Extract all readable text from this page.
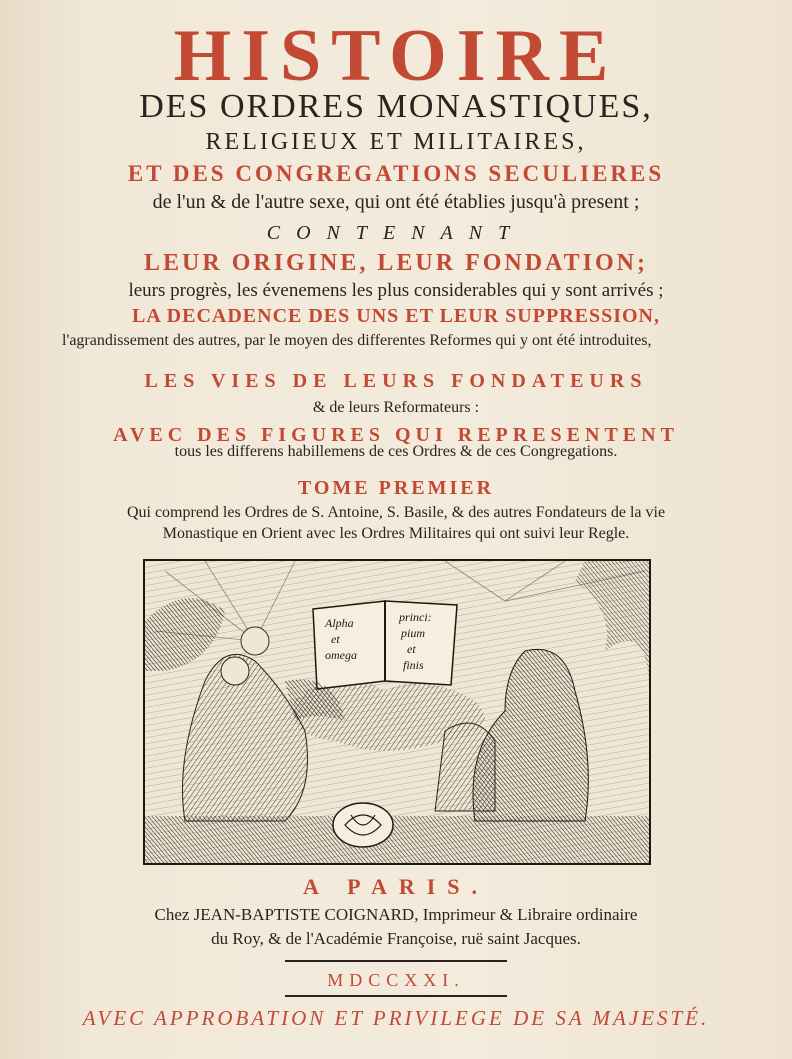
HISTOIRE
DES ORDRES MONASTIQUES,
RELIGIEUX ET MILITAIRES,
ET DES CONGREGATIONS SECULIERES
de l'un & de l'autre sexe, qui ont été établies jusqu'à present ;
CONTENANT
LEUR ORIGINE, LEUR FONDATION;
leurs progrès, les évenemens les plus considerables qui y sont arrivés ;
LA DECADENCE DES UNS ET LEUR SUPPRESSION,
l'agrandissement des autres, par le moyen des differentes Reformes qui y ont été introduites,
LES VIES DE LEURS FONDATEURS
& de leurs Reformateurs :
AVEC DES FIGURES QUI REPRESENTENT
tous les differens habillemens de ces Ordres & de ces Congregations.
TOME PREMIER
Qui comprend les Ordres de S. Antoine, S. Basile, & des autres Fondateurs de la vie
Monastique en Orient avec les Ordres Militaires qui ont suivi leur Regle.
Alpha
et
omega
princi:
pium
et
finis
A PARIS.
Chez JEAN-BAPTISTE COIGNARD, Imprimeur & Libraire ordinaire
du Roy, & de l'Académie Françoise, ruë saint Jacques.
MDCCXXI.
AVEC APPROBATION ET PRIVILEGE DE SA MAJESTÉ.
